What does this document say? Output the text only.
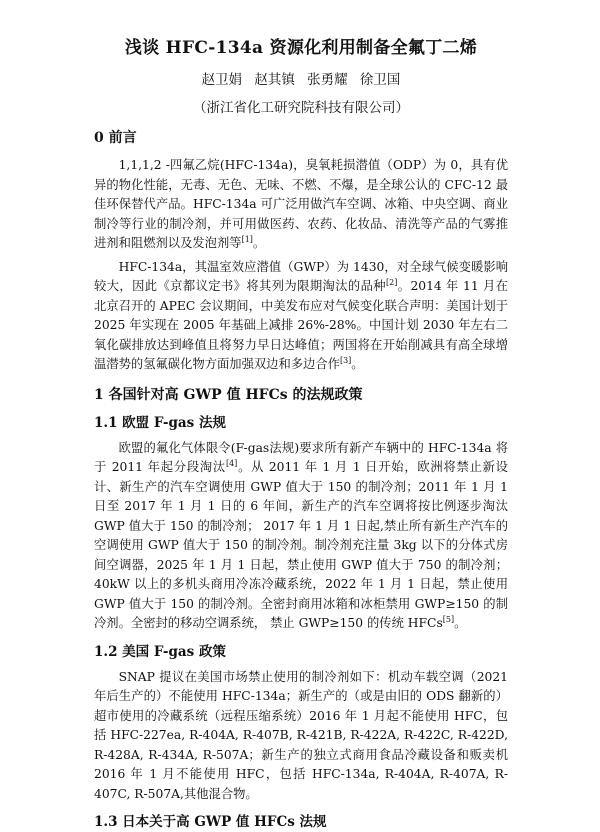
浅谈 HFC-134a 资源化利用制备全氟丁二烯
赵卫娟 赵其镇 张勇耀 徐卫国
（浙江省化工研究院科技有限公司）
0 前言

1,1,1,2 -四氟乙烷(HFC-134a)，臭氧耗损潜值（ODP）为 0，具有优异的物化性能，无毒、无色、无味、不燃、不爆，是全球公认的 CFC-12 最佳环保替代产品。HFC-134a 可广泛用做汽车空调、冰箱、中央空调、商业制冷等行业的制冷剂，并可用做医药、农药、化妆品、清洗等产品的气雾推进剂和阻燃剂以及发泡剂等[1]。

HFC-134a，其温室效应潜值（GWP）为 1430，对全球气候变暖影响较大，因此《京都议定书》将其列为限期淘汰的品种[2]。2014 年 11 月在北京召开的 APEC 会议期间，中美发布应对气候变化联合声明：美国计划于 2025 年实现在 2005 年基础上减排 26%-28%。中国计划 2030 年左右二氧化碳排放达到峰值且将努力早日达峰值；两国将在开始削减具有高全球增温潜势的氢氟碳化物方面加强双边和多边合作[3]。

1 各国针对高 GWP 值 HFCs 的法规政策
1.1 欧盟 F-gas 法规

欧盟的氟化气体限令(F-gas法规)要求所有新产车辆中的 HFC-134a 将于 2011 年起分段淘汰[4]。从 2011 年 1 月 1 日开始，欧洲将禁止新设计、新生产的汽车空调使用 GWP 值大于 150 的制冷剂；2011 年 1 月 1 日至 2017 年 1 月 1 日的 6 年间，新生产的汽车空调将按比例逐步淘汰 GWP 值大于 150 的制冷剂； 2017 年 1 月 1 日起,禁止所有新生产汽车的空调使用 GWP 值大于 150 的制冷剂。制冷剂充注量 3kg 以下的分体式房间空调器，2025 年 1 月 1 日起，禁止使用 GWP 值大于 750 的制冷剂；40kW 以上的多机头商用冷冻冷藏系统，2022 年 1 月 1 日起，禁止使用 GWP 值大于 150 的制冷剂。全密封商用冰箱和冰柜禁用 GWP≥150 的制冷剂。全密封的移动空调系统， 禁止 GWP≥150 的传统 HFCs[5]。

1.2 美国 F-gas 政策

SNAP 提议在美国市场禁止使用的制冷剂如下：机动车载空调（2021 年后生产的）不能使用 HFC-134a；新生产的（或是由旧的 ODS 翻新的）超市使用的冷藏系统（远程压缩系统）2016 年 1 月起不能使用 HFC，包括 HFC-227ea, R-404A, R-407B, R-421B, R-422A, R-422C, R-422D, R-428A, R-434A, R-507A；新生产的独立式商用食品冷藏设备和贩卖机 2016 年 1 月不能使用 HFC，包括 HFC-134a, R-404A, R-407A, R-407C, R-507A,其他混合物。

1.3 日本关于高 GWP 值 HFCs 法规
